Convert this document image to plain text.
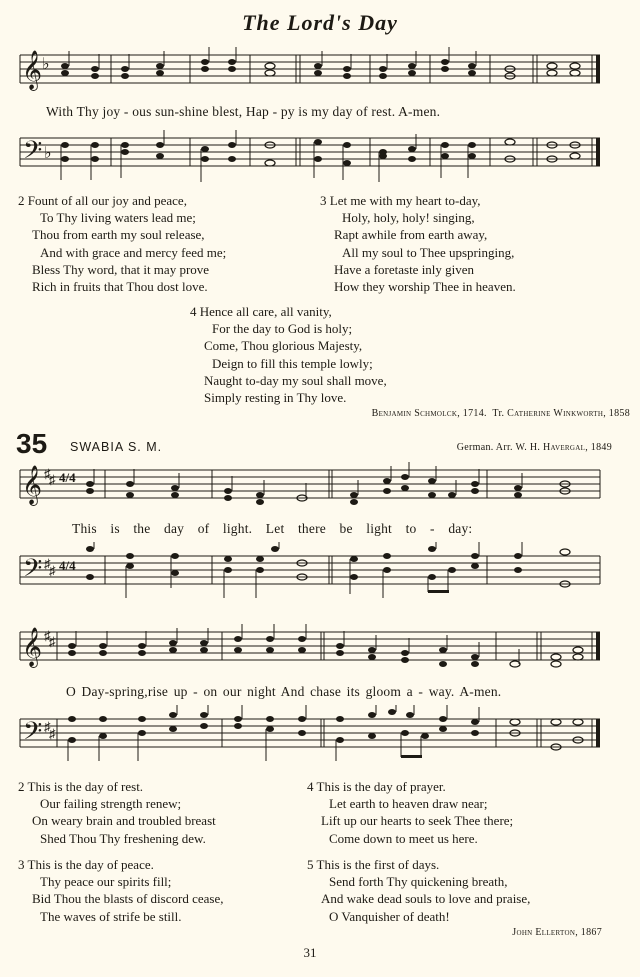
The Lord's Day
𝄞 ♭
With Thy joy - ous sun-shine blest, Hap - py is my day of rest. A-men.
𝄢 ♭
2 Fount of all our joy and peace,
To Thy living waters lead me;
Thou from earth my soul release,
And with grace and mercy feed me;
Bless Thy word, that it may prove
Rich in fruits that Thou dost love.
3 Let me with my heart to-day,
Holy, holy, holy! singing,
Rapt awhile from earth away,
All my soul to Thee upspringing,
Have a foretaste inly given
How they worship Thee in heaven.
4 Hence all care, all vanity,
For the day to God is holy;
Come, Thou glorious Majesty,
Deign to fill this temple lowly;
Naught to-day my soul shall move,
Simply resting in Thy love.
Benjamin Schmolck, 1714. Tr. Catherine Winkworth, 1858
35 SWABIA S. M.	German. Arr. W. H. Havergal, 1849
𝄞 ♯
♯ 4/4
This is the day of light. Let there be light to - day:
𝄢 ♯
♯ 4/4
𝄞 ♯
♯
O Day-spring,rise up - on our night And chase its gloom a - way. A-men.
𝄢 ♯
♯
2 This is the day of rest.
Our failing strength renew;
On weary brain and troubled breast
Shed Thou Thy freshening dew.
3 This is the day of peace.
Thy peace our spirits fill;
Bid Thou the blasts of discord cease,
The waves of strife be still.
4 This is the day of prayer.
Let earth to heaven draw near;
Lift up our hearts to seek Thee there;
Come down to meet us here.
5 This is the first of days.
Send forth Thy quickening breath,
And wake dead souls to love and praise,
O Vanquisher of death!
John Ellerton, 1867
31
